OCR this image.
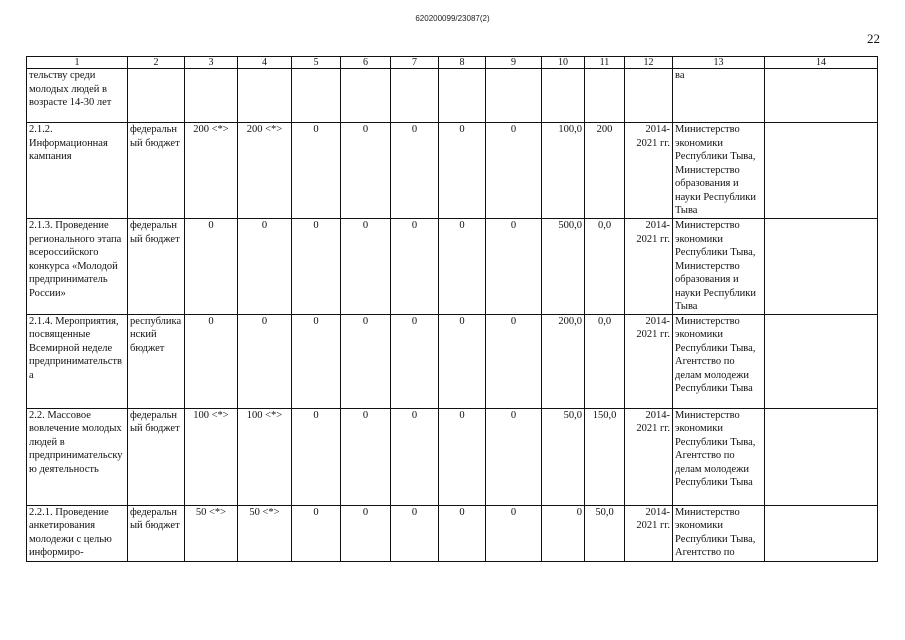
620200099/23087(2)
22
1	2	3	4	5	6	7	8	9	10	11	12	13	14
тельству среди молодых людей в возрасте 14-30 лет												ва	
2.1.2. Информационная кампания	федеральный бюджет	200 <*>	200 <*>	0	0	0	0	0	100,0	200	2014-2021 гг.	Министерство экономики Республики Тыва, Министерство образования и науки Республики Тыва	
2.1.3. Проведение регионального этапа всероссийского конкурса «Молодой предприниматель России»	федеральный бюджет	0	0	0	0	0	0	0	500,0	0,0	2014-2021 гг.	Министерство экономики Республики Тыва, Министерство образования и науки Республики Тыва	
2.1.4. Мероприятия, посвященные Всемирной неделе предпринимательства	республиканский бюджет	0	0	0	0	0	0	0	200,0	0,0	2014-2021 гг.	Министерство экономики Республики Тыва, Агентство по делам молодежи Республики Тыва	
2.2. Массовое вовлечение молодых людей в предпринимательскую деятельность	федеральный бюджет	100 <*>	100 <*>	0	0	0	0	0	50,0	150,0	2014-2021 гг.	Министерство экономики Республики Тыва, Агентство по делам молодежи Республики Тыва	
2.2.1. Проведение анкетирования молодежи с целью информиро-	федеральный бюджет	50 <*>	50 <*>	0	0	0	0	0	0	50,0	2014-2021 гг.	Министерство экономики Республики Тыва, Агентство по	
